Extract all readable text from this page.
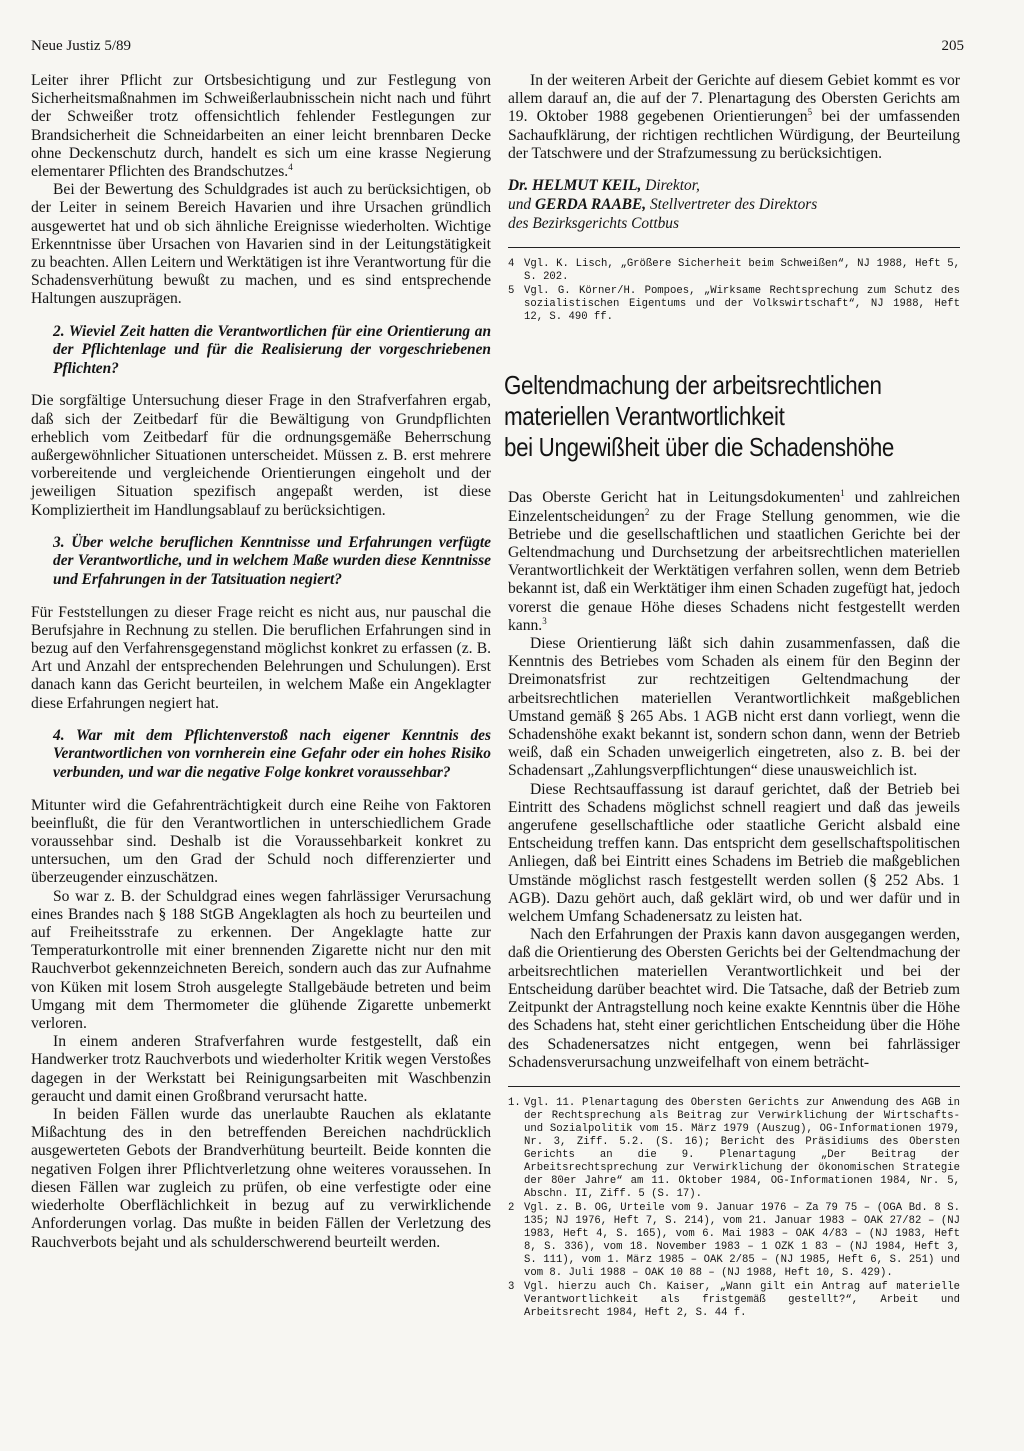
Neue Justiz 5/89	205

Leiter ihrer Pflicht zur Ortsbesichtigung und zur Festlegung von Sicherheitsmaßnahmen im Schweißerlaubnisschein nicht nach und führt der Schweißer trotz offensichtlich fehlender Festlegungen zur Brandsicherheit die Schneidarbeiten an einer leicht brennbaren Decke ohne Deckenschutz durch, handelt es sich um eine krasse Negierung elementarer Pflichten des Brandschutzes.$^4$

Bei der Bewertung des Schuldgrades ist auch zu berücksichtigen, ob der Leiter in seinem Bereich Havarien und ihre Ursachen gründlich ausgewertet hat und ob sich ähnliche Ereignisse wiederholten. Wichtige Erkenntnisse über Ursachen von Havarien sind in der Leitungstätigkeit zu beachten. Allen Leitern und Werktätigen ist ihre Verantwortung für die Schadensverhütung bewußt zu machen, und es sind entsprechende Haltungen auszuprägen.

2. Wieviel Zeit hatten die Verantwortlichen für eine Orientierung an der Pflichtenlage und für die Realisierung der vorgeschriebenen Pflichten?

Die sorgfältige Untersuchung dieser Frage in den Strafverfahren ergab, daß sich der Zeitbedarf für die Bewältigung von Grundpflichten erheblich vom Zeitbedarf für die ordnungsgemäße Beherrschung außergewöhnlicher Situationen unterscheidet. Müssen z. B. erst mehrere vorbereitende und vergleichende Orientierungen eingeholt und der jeweiligen Situation spezifisch angepaßt werden, ist diese Kompliziertheit im Handlungsablauf zu berücksichtigen.

3. Über welche beruflichen Kenntnisse und Erfahrungen verfügte der Verantwortliche, und in welchem Maße wurden diese Kenntnisse und Erfahrungen in der Tatsituation negiert?

Für Feststellungen zu dieser Frage reicht es nicht aus, nur pauschal die Berufsjahre in Rechnung zu stellen. Die beruflichen Erfahrungen sind in bezug auf den Verfahrensgegenstand möglichst konkret zu erfassen (z. B. Art und Anzahl der entsprechenden Belehrungen und Schulungen). Erst danach kann das Gericht beurteilen, in welchem Maße ein Angeklagter diese Erfahrungen negiert hat.

4. War mit dem Pflichtenverstoß nach eigener Kenntnis des Verantwortlichen von vornherein eine Gefahr oder ein hohes Risiko verbunden, und war die negative Folge konkret voraussehbar?

Mitunter wird die Gefahrenträchtigkeit durch eine Reihe von Faktoren beeinflußt, die für den Verantwortlichen in unterschiedlichem Grade voraussehbar sind. Deshalb ist die Voraussehbarkeit konkret zu untersuchen, um den Grad der Schuld noch differenzierter und überzeugender einzuschätzen.

So war z. B. der Schuldgrad eines wegen fahrlässiger Verursachung eines Brandes nach § 188 StGB Angeklagten als hoch zu beurteilen und auf Freiheitsstrafe zu erkennen. Der Angeklagte hatte zur Temperaturkontrolle mit einer brennenden Zigarette nicht nur den mit Rauchverbot gekennzeichneten Bereich, sondern auch das zur Aufnahme von Küken mit losem Stroh ausgelegte Stallgebäude betreten und beim Umgang mit dem Thermometer die glühende Zigarette unbemerkt verloren.

In einem anderen Strafverfahren wurde festgestellt, daß ein Handwerker trotz Rauchverbots und wiederholter Kritik wegen Verstoßes dagegen in der Werkstatt bei Reinigungsarbeiten mit Waschbenzin geraucht und damit einen Großbrand verursacht hatte.

In beiden Fällen wurde das unerlaubte Rauchen als eklatante Mißachtung des in den betreffenden Bereichen nachdrücklich ausgewerteten Gebots der Brandverhütung beurteilt. Beide konnten die negativen Folgen ihrer Pflichtverletzung ohne weiteres voraussehen. In diesen Fällen war zugleich zu prüfen, ob eine verfestigte oder eine wiederholte Oberflächlichkeit in bezug auf zu verwirklichende Anforderungen vorlag. Das mußte in beiden Fällen der Verletzung des Rauchverbots bejaht und als schulderschwerend beurteilt werden.

In der weiteren Arbeit der Gerichte auf diesem Gebiet kommt es vor allem darauf an, die auf der 7. Plenartagung des Obersten Gerichts am 19. Oktober 1988 gegebenen Orientierungen$^5$ bei der umfassenden Sachaufklärung, der richtigen rechtlichen Würdigung, der Beurteilung der Tatschwere und der Strafzumessung zu berücksichtigen.

Dr. HELMUT KEIL, Direktor,
und GERDA RAABE, Stellvertreter des Direktors
des Bezirksgerichts Cottbus
4 Vgl. K. Lisch, „Größere Sicherheit beim Schweißen“, NJ 1988, Heft 5, S. 202.
5 Vgl. G. Körner/H. Pompoes, „Wirksame Rechtsprechung zum Schutz des sozialistischen Eigentums und der Volkswirtschaft“, NJ 1988, Heft 12, S. 490 ff.
Geltendmachung der arbeitsrechtlichen
materiellen Verantwortlichkeit
bei Ungewißheit über die Schadenshöhe

Das Oberste Gericht hat in Leitungsdokumenten$^1$ und zahlreichen Einzelentscheidungen$^2$ zu der Frage Stellung genommen, wie die Betriebe und die gesellschaftlichen und staatlichen Gerichte bei der Geltendmachung und Durchsetzung der arbeitsrechtlichen materiellen Verantwortlichkeit der Werktätigen verfahren sollen, wenn dem Betrieb bekannt ist, daß ein Werktätiger ihm einen Schaden zugefügt hat, jedoch vorerst die genaue Höhe dieses Schadens nicht festgestellt werden kann.$^3$

Diese Orientierung läßt sich dahin zusammenfassen, daß die Kenntnis des Betriebes vom Schaden als einem für den Beginn der Dreimonatsfrist zur rechtzeitigen Geltendmachung der arbeitsrechtlichen materiellen Verantwortlichkeit maßgeblichen Umstand gemäß § 265 Abs. 1 AGB nicht erst dann vorliegt, wenn die Schadenshöhe exakt bekannt ist, sondern schon dann, wenn der Betrieb weiß, daß ein Schaden unweigerlich eingetreten, also z. B. bei der Schadensart „Zahlungsverpflichtungen“ diese unausweichlich ist.

Diese Rechtsauffassung ist darauf gerichtet, daß der Betrieb bei Eintritt des Schadens möglichst schnell reagiert und daß das jeweils angerufene gesellschaftliche oder staatliche Gericht alsbald eine Entscheidung treffen kann. Das entspricht dem gesellschaftspolitischen Anliegen, daß bei Eintritt eines Schadens im Betrieb die maßgeblichen Umstände möglichst rasch festgestellt werden sollen (§ 252 Abs. 1 AGB). Dazu gehört auch, daß geklärt wird, ob und wer dafür und in welchem Umfang Schadenersatz zu leisten hat.

Nach den Erfahrungen der Praxis kann davon ausgegangen werden, daß die Orientierung des Obersten Gerichts bei der Geltendmachung der arbeitsrechtlichen materiellen Verantwortlichkeit und bei der Entscheidung darüber beachtet wird. Die Tatsache, daß der Betrieb zum Zeitpunkt der Antragstellung noch keine exakte Kenntnis über die Höhe des Schadens hat, steht einer gerichtlichen Entscheidung über die Höhe des Schadenersatzes nicht entgegen, wenn bei fahrlässiger Schadensverursachung unzweifelhaft von einem beträcht-

1. Vgl. 11. Plenartagung des Obersten Gerichts zur Anwendung des AGB in der Rechtsprechung als Beitrag zur Verwirklichung der Wirtschafts- und Sozialpolitik vom 15. März 1979 (Auszug), OG-Informationen 1979, Nr. 3, Ziff. 5.2. (S. 16); Bericht des Präsidiums des Obersten Gerichts an die 9. Plenartagung „Der Beitrag der Arbeitsrechtsprechung zur Verwirklichung der ökonomischen Strategie der 80er Jahre“ am 11. Oktober 1984, OG-Informationen 1984, Nr. 5, Abschn. II, Ziff. 5 (S. 17).
2 Vgl. z. B. OG, Urteile vom 9. Januar 1976 – Za 79 75 – (OGA Bd. 8 S. 135; NJ 1976, Heft 7, S. 214), vom 21. Januar 1983 – OAK 27/82 – (NJ 1983, Heft 4, S. 165), vom 6. Mai 1983 – OAK 4/83 – (NJ 1983, Heft 8, S. 336), vom 18. November 1983 – 1 OZK 1 83 – (NJ 1984, Heft 3, S. 111), vom 1. März 1985 – OAK 2/85 – (NJ 1985, Heft 6, S. 251) und vom 8. Juli 1988 – OAK 10 88 – (NJ 1988, Heft 10, S. 429).
3 Vgl. hierzu auch Ch. Kaiser, „Wann gilt ein Antrag auf materielle Verantwortlichkeit als fristgemäß gestellt?“, Arbeit und Arbeitsrecht 1984, Heft 2, S. 44 f.
